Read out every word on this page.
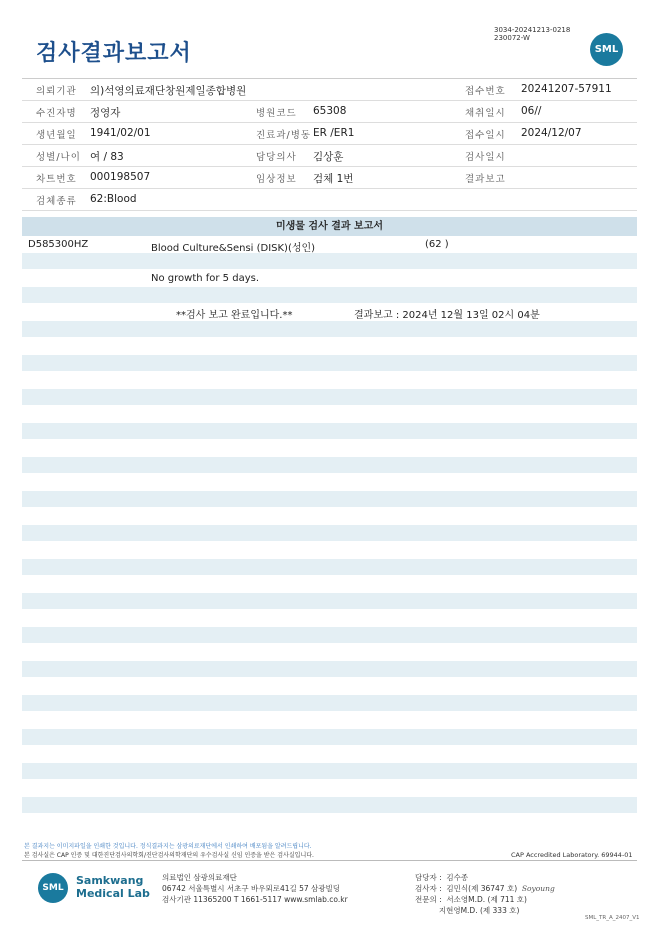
검사결과보고서
3034-20241213-0218
230072-W
SML
의뢰기관 의)석영의료재단창원제일종합병원	접수번호 20241207-57911
수진자명 정영자	병원코드 65308	채취일시 06//
생년월일 1941/02/01	진료과/병동 ER /ER1	접수일시 2024/12/07
성별/나이 여 / 83	담당의사 김상훈	검사일시
차트번호 000198507	임상정보 검체 1번	결과보고
검체종류 62:Blood
미생물 검사 결과 보고서
D585300HZ	Blood Culture&Sensi (DISK)(성인)	(62 )
No growth for 5 days.
**검사 보고 완료입니다.**	결과보고 : 2024년 12월 13일 02시 04분
본 결과지는 이미지파일을 인쇄한 것입니다. 정식결과지는 삼광의료재단에서 인쇄하여 배포됨을 알려드립니다.
본 검사실은 CAP 인증 및 대한진단검사의학회/진단검사의학재단의 우수검사실 신임 인증을 받은 검사실입니다.	CAP Accredited Laboratory. 69944-01
SML
Samkwang
Medical Lab
의료법인 삼광의료재단
06742 서울특별시 서초구 바우뫼로41길 57 삼광빌딩
검사기관 11365200 T 1661-5117 www.smlab.co.kr
담당자 :  김수종
검사자 :  김민식(제 36747 호) Soyoung
전문의 :  서소영M.D. (제 711 호)
지현영M.D. (제 333 호)
SML_TR_A_2407_V1
